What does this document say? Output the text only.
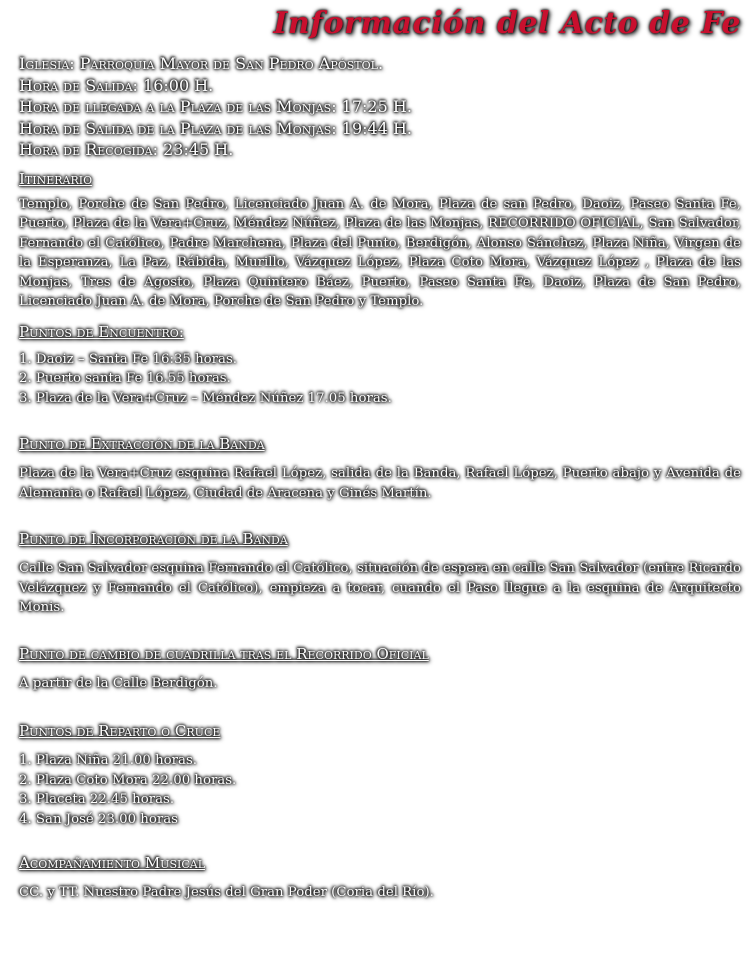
Información del Acto de Fe

Iglesia: Parroquia Mayor de San Pedro Apóstol.

Hora de Salida: 16:00 H.

Hora de llegada a la Plaza de las Monjas: 17:25 H.

Hora de Salida de la Plaza de las Monjas: 19:44 H.

Hora de Recogida: 23:45 H.

Itinerario

Templo, Porche de San Pedro, Licenciado Juan A. de Mora, Plaza de san Pedro, Daoiz, Paseo Santa Fe, Puerto, Plaza de la Vera+Cruz, Méndez Núñez, Plaza de las Monjas, RECORRIDO OFICIAL, San Salvador, Fernando el Católico, Padre Marchena, Plaza del Punto, Berdigón, Alonso Sánchez, Plaza Niña, Virgen de la Esperanza, La Paz, Rábida, Murillo, Vázquez López, Plaza Coto Mora, Vázquez López , Plaza de las Monjas, Tres de Agosto, Plaza Quintero Báez, Puerto, Paseo Santa Fe, Daoiz, Plaza de San Pedro, Licenciado Juan A. de Mora, Porche de San Pedro y Templo.

Puntos de Encuentro:

1. Daoiz – Santa Fe 16:35 horas.
2. Puerto santa Fe 16.55 horas.
3. Plaza de la Vera+Cruz – Méndez Núñez 17.05 horas.

Punto de Extracción de la Banda

Plaza de la Vera+Cruz esquina Rafael López, salida de la Banda, Rafael López, Puerto abajo y Avenida de Alemania o Rafael López, Ciudad de Aracena y Ginés Martín.

Punto de Incorporación de la Banda

Calle San Salvador esquina Fernando el Católico, situación de espera en calle San Salvador (entre Ricardo Velázquez y Fernando el Católico), empieza a tocar, cuando el Paso llegue a la esquina de Arquitecto Monis.

Punto de cambio de cuadrilla tras el Recorrido Oficial

A partir de la Calle Berdigón.

Puntos de Reparto o Cruce

1. Plaza Niña 21.00 horas.
2. Plaza Coto Mora 22.00 horas.
3. Placeta 22.45 horas.
4. San José 23.00 horas

Acompañamiento Musical

CC. y TT. Nuestro Padre Jesús del Gran Poder (Coria del Río).
